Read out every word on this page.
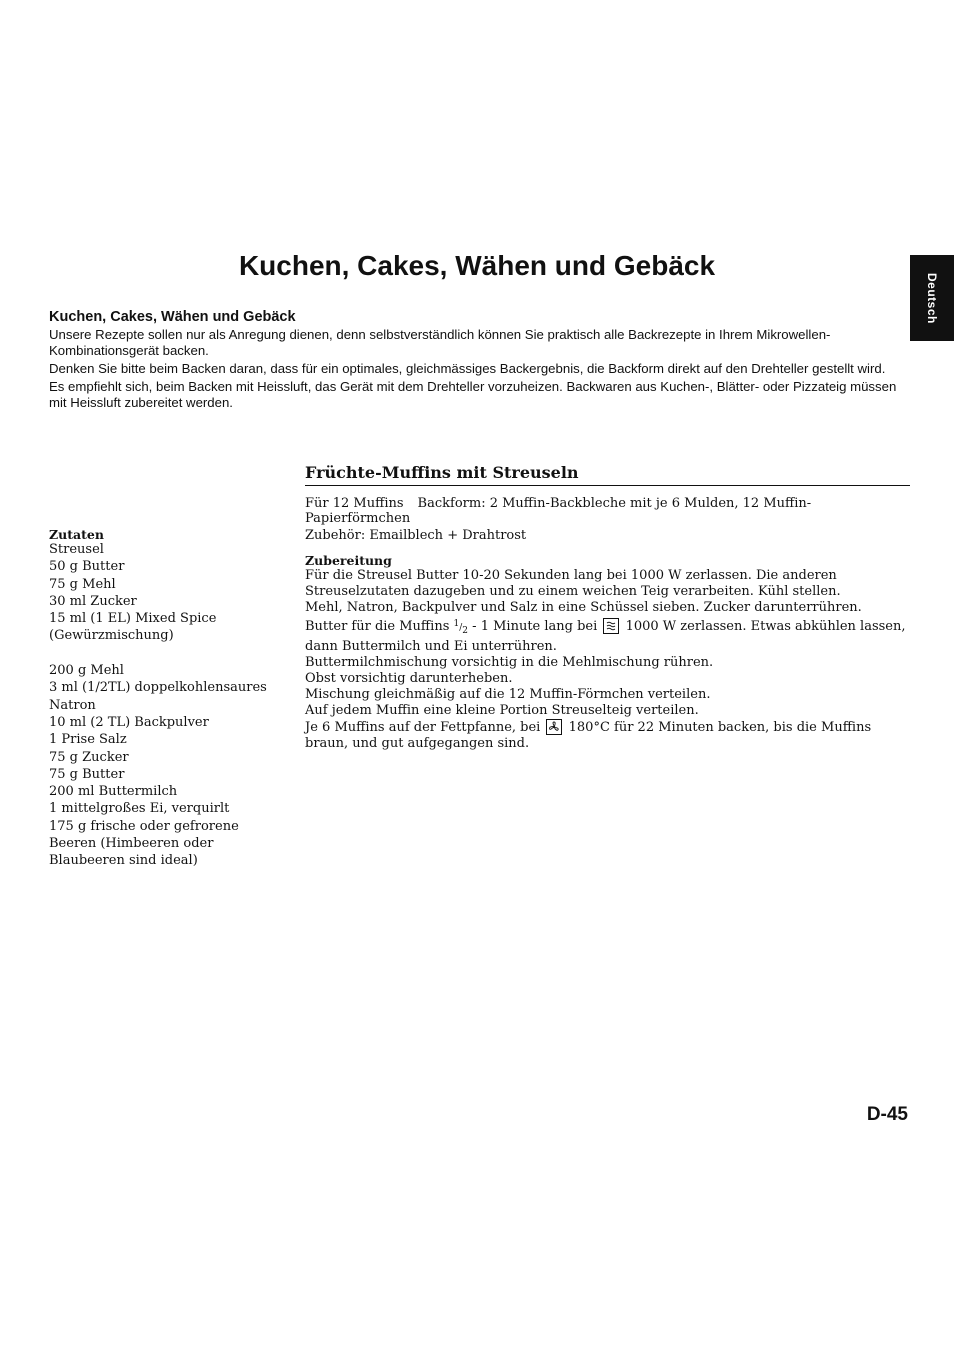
Deutsch
Kuchen, Cakes, Wähen und Gebäck
Kuchen, Cakes, Wähen und Gebäck

Unsere Rezepte sollen nur als Anregung dienen, denn selbstverständlich können Sie praktisch alle Backrezepte in Ihrem Mikrowellen-Kombinationsgerät backen.

Denken Sie bitte beim Backen daran, dass für ein optimales, gleichmässiges Backergebnis, die Backform direkt auf den Drehteller gestellt wird.

Es empfiehlt sich, beim Backen mit Heissluft, das Gerät mit dem Drehteller vorzuheizen. Backwaren aus Kuchen-, Blätter- oder Pizzateig müssen mit Heissluft zubereitet werden.

Früchte-Muffins mit Streuseln
Für 12 Muffins Backform: 2 Muffin-Backbleche mit je 6 Mulden, 12 Muffin-Papierförmchen
Zubehör: Emailblech + Drahtrost
Zutaten
Streusel
50 g Butter
75 g Mehl
30 ml Zucker
15 ml (1 EL) Mixed Spice
(Gewürzmischung)
200 g Mehl
3 ml (1/2TL) doppelkohlensaures
Natron
10 ml (2 TL) Backpulver
1 Prise Salz
75 g Zucker
75 g Butter
200 ml Buttermilch
1 mittelgroßes Ei, verquirlt
175 g frische oder gefrorene
Beeren (Himbeeren oder
Blaubeeren sind ideal)
Zubereitung

Für die Streusel Butter 10-20 Sekunden lang bei 1000 W zerlassen. Die anderen Streuselzutaten dazugeben und zu einem weichen Teig verarbeiten. Kühl stellen.

Mehl, Natron, Backpulver und Salz in eine Schüssel sieben. Zucker darunterrühren.

Butter für die Muffins $^1/_2 - 1$ Minute lang bei 1000 W zerlassen. Etwas abkühlen lassen, dann Buttermilch und Ei unterrühren.

Buttermilchmischung vorsichtig in die Mehlmischung rühren.

Obst vorsichtig darunterheben.

Mischung gleichmäßig auf die 12 Muffin-Förmchen verteilen.

Auf jedem Muffin eine kleine Portion Streuselteig verteilen.

Je 6 Muffins auf der Fettpfanne, bei 180°C für 22 Minuten backen, bis die Muffins braun, und gut aufgegangen sind.

D-45
